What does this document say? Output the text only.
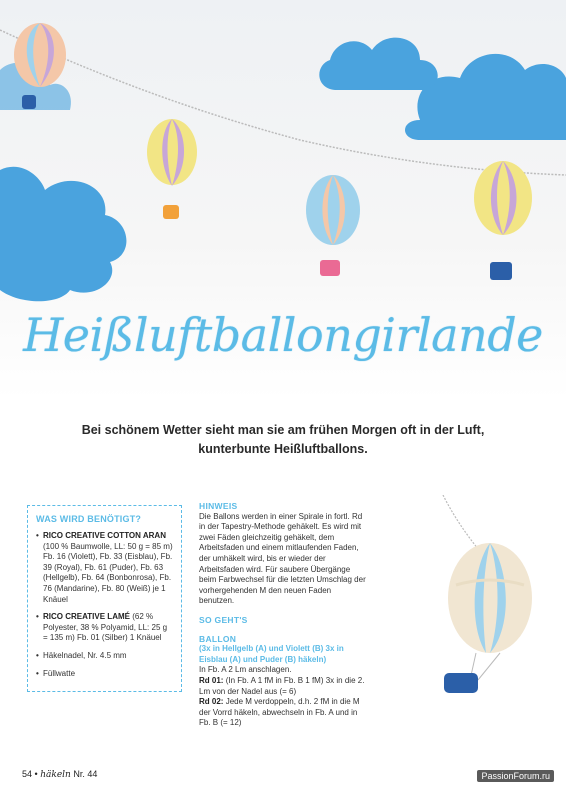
Heißluftballongirlande

Bei schönem Wetter sieht man sie am frühen Morgen oft in der Luft, kunterbunte Heißluftballons.

WAS WIRD BENÖTIGT?
• RICO CREATIVE COTTON ARAN
(100 % Baumwolle, LL: 50 g = 85 m) Fb. 16 (Violett), Fb. 33 (Eisblau), Fb. 39 (Royal), Fb. 61 (Puder), Fb. 63 (Hellgelb), Fb. 64 (Bonbonrosa), Fb. 76 (Mandarine), Fb. 80 (Weiß) je 1 Knäuel
• RICO CREATIVE LAMÉ (62 % Polyester, 38 % Polyamid, LL: 25 g = 135 m) Fb. 01 (Silber) 1 Knäuel
• Häkelnadel, Nr. 4.5 mm
• Füllwatte
HINWEIS

Die Ballons werden in einer Spirale in fortl. Rd in der Tapestry-Methode gehäkelt. Es wird mit zwei Fäden gleichzeitig gehäkelt, dem Arbeitsfaden und einem mitlaufenden Faden, der umhäkelt wird, bis er wieder der Arbeitsfaden wird. Für saubere Übergänge beim Farbwechsel für die letzten Umschlag der vorhergehenden M den neuen Faden benutzen.

SO GEHT'S
BALLON

(3x in Hellgelb (A) und Violett (B) 3x in Eisblau (A) und Puder (B) häkeln)

In Fb. A 2 Lm anschlagen.

Rd 01: (In Fb. A 1 fM in Fb. B 1 fM) 3x in die 2. Lm von der Nadel aus (= 6)

Rd 02: Jede M verdoppeln, d.h. 2 fM in die M der Vorrd häkeln, abwechseln in Fb. A und in Fb. B (= 12)

54 • häkeln Nr. 44	PassionForum.ru
